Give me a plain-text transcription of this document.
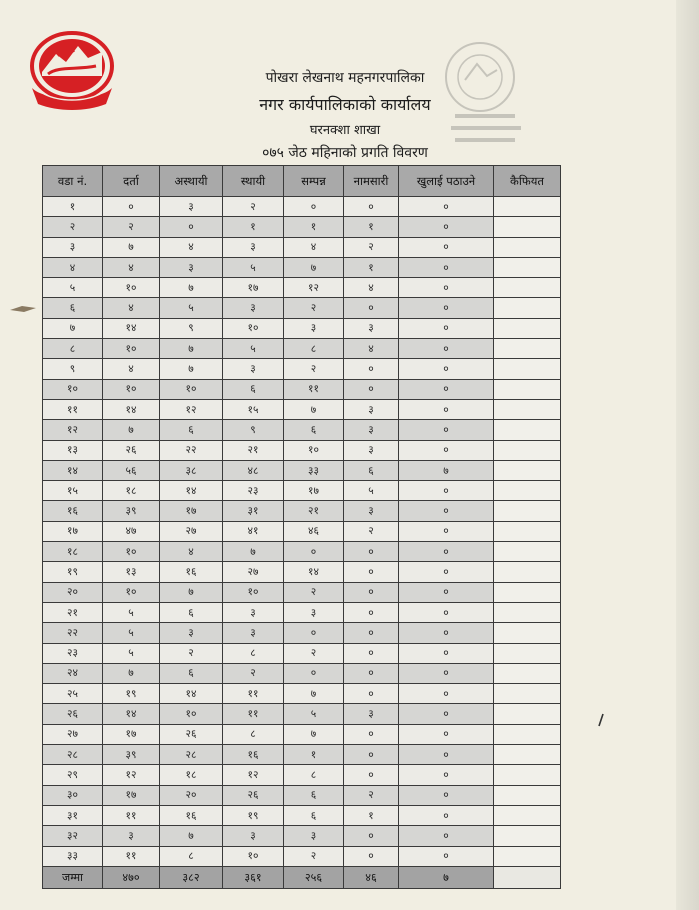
पोखरा लेखनाथ महनगरपालिका
नगर कार्यपालिकाको कार्यालय
घरनक्शा शाखा
०७५ जेठ महिनाको प्रगति विवरण
वडा नं.	दर्ता	अस्थायी	स्थायी	सम्पन्न	नामसारी	खुलाई पठाउने	कैफियत
१	०	३	२	०	०	०	
२	२	०	१	१	१	०	
३	७	४	३	४	२	०	
४	४	३	५	७	१	०	
५	१०	७	१७	१२	४	०	
६	४	५	३	२	०	०	
७	१४	९	१०	३	३	०	
८	१०	७	५	८	४	०	
९	४	७	३	२	०	०	
१०	१०	१०	६	११	०	०	
११	१४	१२	१५	७	३	०	
१२	७	६	९	६	३	०	
१३	२६	२२	२१	१०	३	०	
१४	५६	३८	४८	३३	६	७	
१५	१८	१४	२३	१७	५	०	
१६	३९	१७	३१	२१	३	०	
१७	४७	२७	४१	४६	२	०	
१८	१०	४	७	०	०	०	
१९	१३	१६	२७	१४	०	०	
२०	१०	७	१०	२	०	०	
२१	५	६	३	३	०	०	
२२	५	३	३	०	०	०	
२३	५	२	८	२	०	०	
२४	७	६	२	०	०	०	
२५	१९	१४	११	७	०	०	
२६	१४	१०	११	५	३	०	
२७	१७	२६	८	७	०	०	
२८	३९	२८	१६	१	०	०	
२९	१२	१८	१२	८	०	०	
३०	१७	२०	२६	६	२	०	
३१	११	१६	१९	६	१	०	
३२	३	७	३	३	०	०	
३३	११	८	१०	२	०	०	
जम्मा	४७०	३८२	३६१	२५६	४६	७	
